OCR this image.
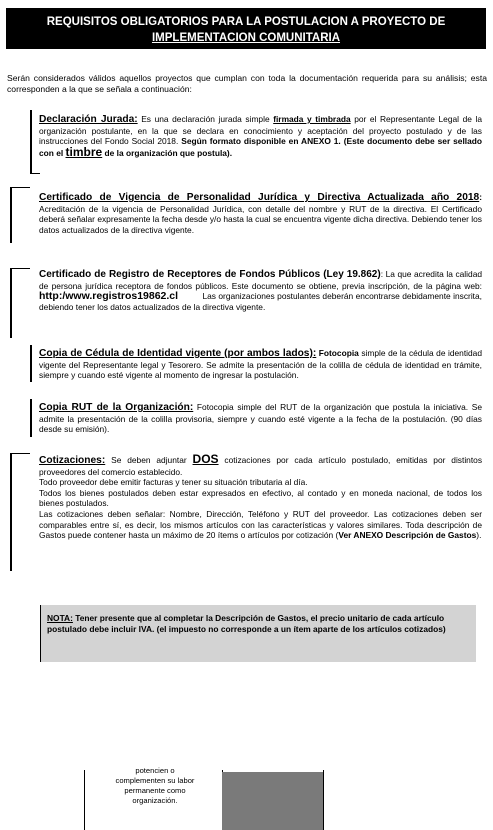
REQUISITOS OBLIGATORIOS PARA LA POSTULACION A PROYECTO DE
IMPLEMENTACION COMUNITARIA
Serán considerados válidos aquellos proyectos que cumplan con toda la documentación requerida para su análisis; esta corresponden a la que se señala a continuación:
Declaración Jurada: Es una declaración jurada simple firmada y timbrada por el Representante Legal de la organización postulante, en la que se declara en conocimiento y aceptación del proyecto postulado y de las instrucciones del Fondo Social 2018. Según formato disponible en ANEXO 1. (Este documento debe ser sellado con el timbre de la organización que postula).
Certificado de Vigencia de Personalidad Jurídica y Directiva Actualizada año 2018: Acreditación de la vigencia de Personalidad Jurídica, con detalle del nombre y RUT de la directiva. El Certificado deberá señalar expresamente la fecha desde y/o hasta la cual se encuentra vigente dicha directiva. Debiendo tener los datos actualizados de la directiva vigente.
Certificado de Registro de Receptores de Fondos Públicos (Ley 19.862): La que acredita la calidad de persona jurídica receptora de fondos públicos. Este documento se obtiene, previa inscripción, de la página web: http:/www.registros19862.cl          Las organizaciones postulantes deberán encontrarse debidamente inscrita, debiendo tener los datos actualizados de la directiva vigente.
Copia de Cédula de Identidad vigente (por ambos lados): Fotocopia simple de la cédula de identidad vigente del Representante legal y Tesorero. Se admite la presentación de la colilla de cédula de identidad en trámite, siempre y cuando esté vigente al momento de ingresar la postulación.
Copia RUT de la Organización: Fotocopia simple del RUT de la organización que postula la iniciativa. Se admite la presentación de la colilla provisoria, siempre y cuando esté vigente a la fecha de la postulación. (90 días desde su emisión).
Cotizaciones: Se deben adjuntar DOS cotizaciones por cada artículo postulado, emitidas por distintos proveedores del comercio establecido.
Todo proveedor debe emitir facturas y tener su situación tributaria al día.
Todos los bienes postulados deben estar expresados en efectivo, al contado y en moneda nacional, de todos los bienes postulados.
Las cotizaciones deben señalar: Nombre, Dirección, Teléfono y RUT del proveedor. Las cotizaciones deben ser comparables entre sí, es decir, los mismos artículos con las características y valores similares. Toda descripción de Gastos puede contener hasta un máximo de 20 ítems o artículos por cotización (Ver ANEXO Descripción de Gastos).
NOTA: Tener presente que al completar la Descripción de Gastos, el precio unitario de cada artículo postulado debe incluir IVA. (el impuesto no corresponde a un ítem aparte de los artículos cotizados)
potencien o
complementen su labor
permanente como
organización.
